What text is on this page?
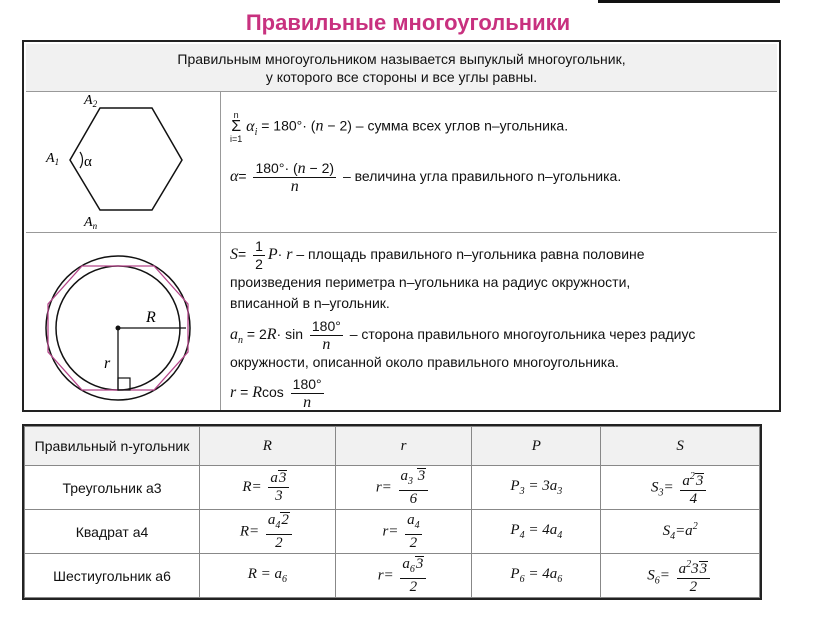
Правильные многоугольники
Правильным многоугольником называется выпуклый многоугольник,
у которого все стороны и все углы равны.
$A_2$
$A_1$ α
$A_n$
n
Σ
i=1 $\alpha_i = 180^\circ\cdot (n - 2)$ – сумма всех углов n–угольника.
$\alpha= \frac{180^\circ\cdot (n - 2)}{n}$ – величина угла правильного n–угольника.
R
r
$S= \frac{1}{2} P\cdot r$ – площадь правильного n–угольника равна половине
произведения периметра n–угольника на радиус окружности,
вписанной в n–угольник.
$a_n = 2R\cdot \sin \frac{180^\circ}{n}$ – сторона правильного многоугольника через радиус
окружности, описанной около правильного многоугольника.
r = Rcos $\frac{180^\circ}{n}$
Правильный n-угольник	R	r	P	S
Треугольник a3	$R= \frac{a3}{3}$	$r= \frac{a_3 3}{6}$	$P_3 = 3a_3$	$S_3= \frac{a^23}{4}$

Квадрат a4	$R= \frac{a_42}{2}$	$r= \frac{a_4}{2}$	$P_4 = 4a_4$	$S_4=a^2$
Шестиугольник a6	$R = a_6$	$r= \frac{a_63}{2}$	$P_6 = 4a_6$	$S_6= \frac{a^233}{2}$
